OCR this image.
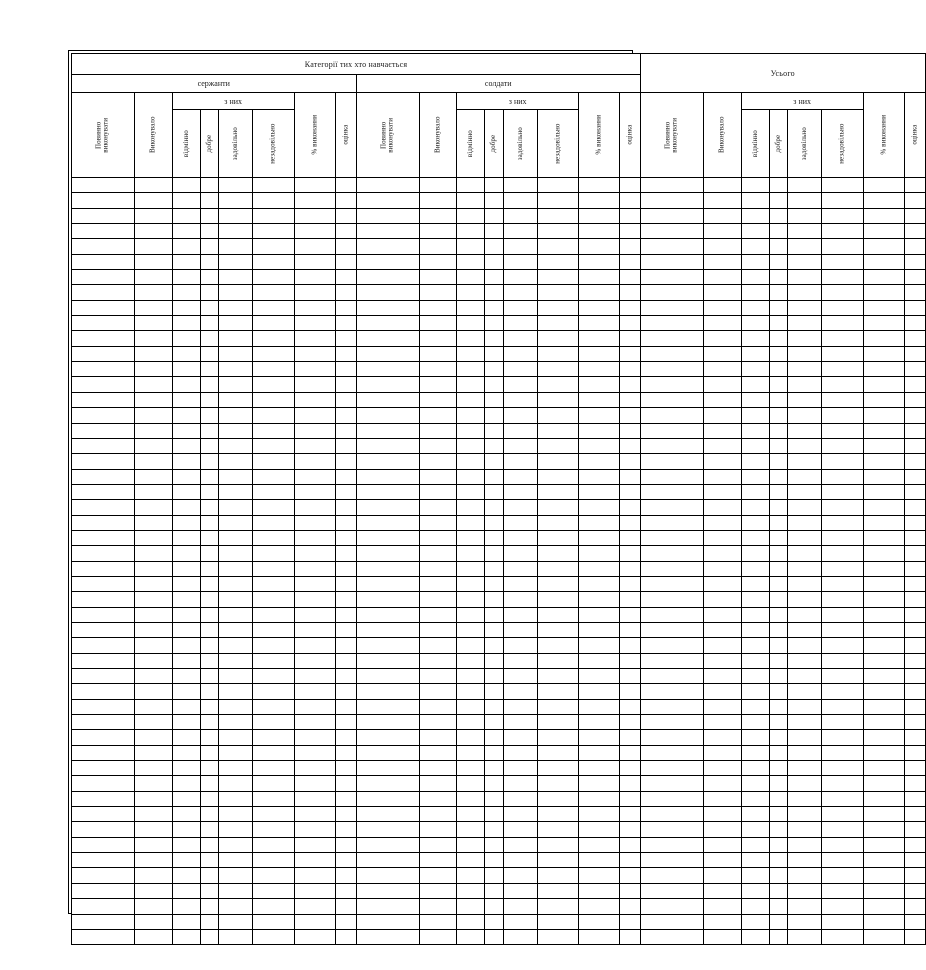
Категорії тих хто навчається																Усього							
сержанти								солдати															

Повинно виконувати	Виконувало	з них				% виконання	оцінка	Повинно виконувати	Виконувало	з них				% виконання	оцінка	Повинно виконувати	Виконувало	з них				% виконання	оцінка

		відмінно	добре	задовільно	незадовільно					відмінно	добре	задовільно	незадовільно					відмінно	добре	задовільно	незадовільно		
